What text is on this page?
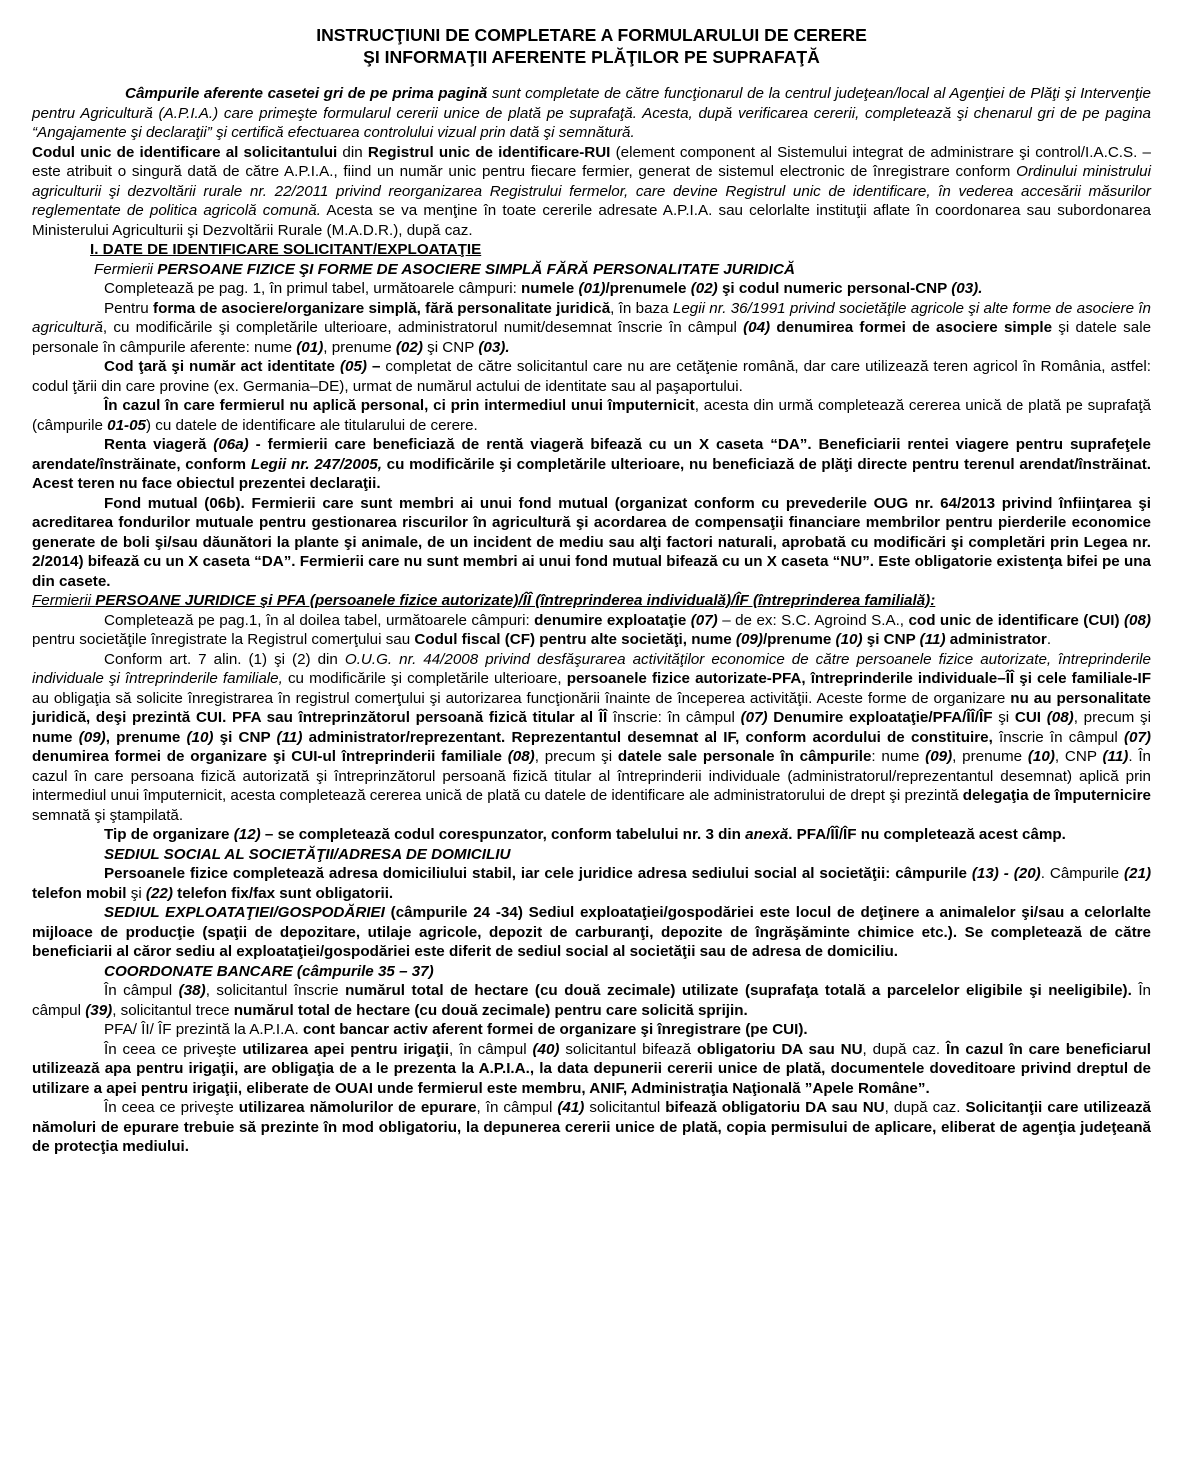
INSTRUCŢIUNI DE COMPLETARE A FORMULARULUI DE CERERE
ŞI INFORMAŢII AFERENTE PLĂŢILOR PE SUPRAFAŢĂ

Câmpurile aferente casetei gri de pe prima pagină sunt completate de către funcţionarul de la centrul judeţean/local al Agenţiei de Plăţi şi Intervenţie pentru Agricultură (A.P.I.A.) care primeşte formularul cererii unice de plată pe suprafaţă. Acesta, după verificarea cererii, completează şi chenarul gri de pe pagina “Angajamente şi declaraţii” şi certifică efectuarea controlului vizual prin dată şi semnătură.

Codul unic de identificare al solicitantului din Registrul unic de identificare-RUI (element component al Sistemului integrat de administrare şi control/I.A.C.S. – este atribuit o singură dată de către A.P.I.A., fiind un număr unic pentru fiecare fermier, generat de sistemul electronic de înregistrare conform Ordinului ministrului agriculturii şi dezvoltării rurale nr. 22/2011 privind reorganizarea Registrului fermelor, care devine Registrul unic de identificare, în vederea accesării măsurilor reglementate de politica agricolă comună. Acesta se va menţine în toate cererile adresate A.P.I.A. sau celorlalte instituţii aflate în coordonarea sau subordonarea Ministerului Agriculturii şi Dezvoltării Rurale (M.A.D.R.), după caz.

I. DATE DE IDENTIFICARE SOLICITANT/EXPLOATAŢIE

Fermierii PERSOANE FIZICE ŞI FORME DE ASOCIERE SIMPLĂ FĂRĂ PERSONALITATE JURIDICĂ

Completează pe pag. 1, în primul tabel, următoarele câmpuri: numele (01)/prenumele (02) şi codul numeric personal-CNP (03).

Pentru forma de asociere/organizare simplă, fără personalitate juridică, în baza Legii nr. 36/1991 privind societăţile agricole şi alte forme de asociere în agricultură, cu modificările şi completările ulterioare, administratorul numit/desemnat înscrie în câmpul (04) denumirea formei de asociere simple şi datele sale personale în câmpurile aferente: nume (01), prenume (02) şi CNP (03).

Cod ţară şi număr act identitate (05) – completat de către solicitantul care nu are cetăţenie română, dar care utilizează teren agricol în România, astfel: codul ţării din care provine (ex. Germania–DE), urmat de numărul actului de identitate sau al paşaportului.

În cazul în care fermierul nu aplică personal, ci prin intermediul unui împuternicit, acesta din urmă completează cererea unică de plată pe suprafaţă (câmpurile 01-05) cu datele de identificare ale titularului de cerere.

Renta viageră (06a) - fermierii care beneficiază de rentă viageră bifează cu un X caseta “DA”. Beneficiarii rentei viagere pentru suprafeţele arendate/înstrăinate, conform Legii nr. 247/2005, cu modificările şi completările ulterioare, nu beneficiază de plăţi directe pentru terenul arendat/înstrăinat. Acest teren nu face obiectul prezentei declaraţii.

Fond mutual (06b). Fermierii care sunt membri ai unui fond mutual (organizat conform cu prevederile OUG nr. 64/2013 privind înfiinţarea şi acreditarea fondurilor mutuale pentru gestionarea riscurilor în agricultură şi acordarea de compensaţii financiare membrilor pentru pierderile economice generate de boli şi/sau dăunători la plante şi animale, de un incident de mediu sau alţi factori naturali, aprobată cu modificări şi completări prin Legea nr. 2/2014) bifează cu un X caseta “DA”. Fermierii care nu sunt membri ai unui fond mutual bifează cu un X caseta “NU”. Este obligatorie existenţa bifei pe una din casete.

Fermierii PERSOANE JURIDICE şi PFA (persoanele fizice autorizate)/ÎÎ (întreprinderea individuală)/ÎF (întreprinderea familială):

Completează pe pag.1, în al doilea tabel, următoarele câmpuri: denumire exploataţie (07) – de ex: S.C. Agroind S.A., cod unic de identificare (CUI) (08) pentru societăţile înregistrate la Registrul comerţului sau Codul fiscal (CF) pentru alte societăţi, nume (09)/prenume (10) şi CNP (11) administrator.

Conform art. 7 alin. (1) şi (2) din O.U.G. nr. 44/2008 privind desfăşurarea activităţilor economice de către persoanele fizice autorizate, întreprinderile individuale şi întreprinderile familiale, cu modificările şi completările ulterioare, persoanele fizice autorizate-PFA, întreprinderile individuale–ÎÎ şi cele familiale-IF au obligaţia să solicite înregistrarea în registrul comerţului şi autorizarea funcţionării înainte de începerea activităţii. Aceste forme de organizare nu au personalitate juridică, deşi prezintă CUI. PFA sau întreprinzătorul persoană fizică titular al ÎÎ înscrie: în câmpul (07) Denumire exploataţie/PFA/ÎÎ/ÎF şi CUI (08), precum şi nume (09), prenume (10) şi CNP (11) administrator/reprezentant. Reprezentantul desemnat al IF, conform acordului de constituire, înscrie în câmpul (07) denumirea formei de organizare şi CUI-ul întreprinderii familiale (08), precum şi datele sale personale în câmpurile: nume (09), prenume (10), CNP (11). În cazul în care persoana fizică autorizată şi întreprinzătorul persoană fizică titular al întreprinderii individuale (administratorul/reprezentantul desemnat) aplică prin intermediul unui împuternicit, acesta completează cererea unică de plată cu datele de identificare ale administratorului de drept şi prezintă delegaţia de împuternicire semnată şi ştampilată.

Tip de organizare (12) – se completează codul corespunzator, conform tabelului nr. 3 din anexă. PFA/ÎÎ/ÎF nu completează acest câmp.

SEDIUL SOCIAL AL SOCIETĂŢII/ADRESA DE DOMICILIU

Persoanele fizice completează adresa domiciliului stabil, iar cele juridice adresa sediului social al societăţii: câmpurile (13) - (20). Câmpurile (21) telefon mobil şi (22) telefon fix/fax sunt obligatorii.

SEDIUL EXPLOATAŢIEI/GOSPODĂRIEI (câmpurile 24 -34) Sediul exploataţiei/gospodăriei este locul de deţinere a animalelor şi/sau a celorlalte mijloace de producţie (spaţii de depozitare, utilaje agricole, depozit de carburanţi, depozite de îngrăşăminte chimice etc.). Se completează de către beneficiarii al căror sediu al exploataţiei/gospodăriei este diferit de sediul social al societăţii sau de adresa de domiciliu.

COORDONATE BANCARE (câmpurile 35 – 37)

În câmpul (38), solicitantul înscrie numărul total de hectare (cu două zecimale) utilizate (suprafaţa totală a parcelelor eligibile şi neeligibile). În câmpul (39), solicitantul trece numărul total de hectare (cu două zecimale) pentru care solicită sprijin.

PFA/ ÎI/ ÎF prezintă la A.P.I.A. cont bancar activ aferent formei de organizare şi înregistrare (pe CUI).

În ceea ce priveşte utilizarea apei pentru irigaţii, în câmpul (40) solicitantul bifează obligatoriu DA sau NU, după caz. În cazul în care beneficiarul utilizează apa pentru irigaţii, are obligaţia de a le prezenta la A.P.I.A., la data depunerii cererii unice de plată, documentele doveditoare privind dreptul de utilizare a apei pentru irigaţii, eliberate de OUAI unde fermierul este membru, ANIF, Administraţia Naţională ”Apele Române”.

În ceea ce priveşte utilizarea nămolurilor de epurare, în câmpul (41) solicitantul bifează obligatoriu DA sau NU, după caz. Solicitanţii care utilizează nămoluri de epurare trebuie să prezinte în mod obligatoriu, la depunerea cererii unice de plată, copia permisului de aplicare, eliberat de agenţia judeţeană de protecţia mediului.
